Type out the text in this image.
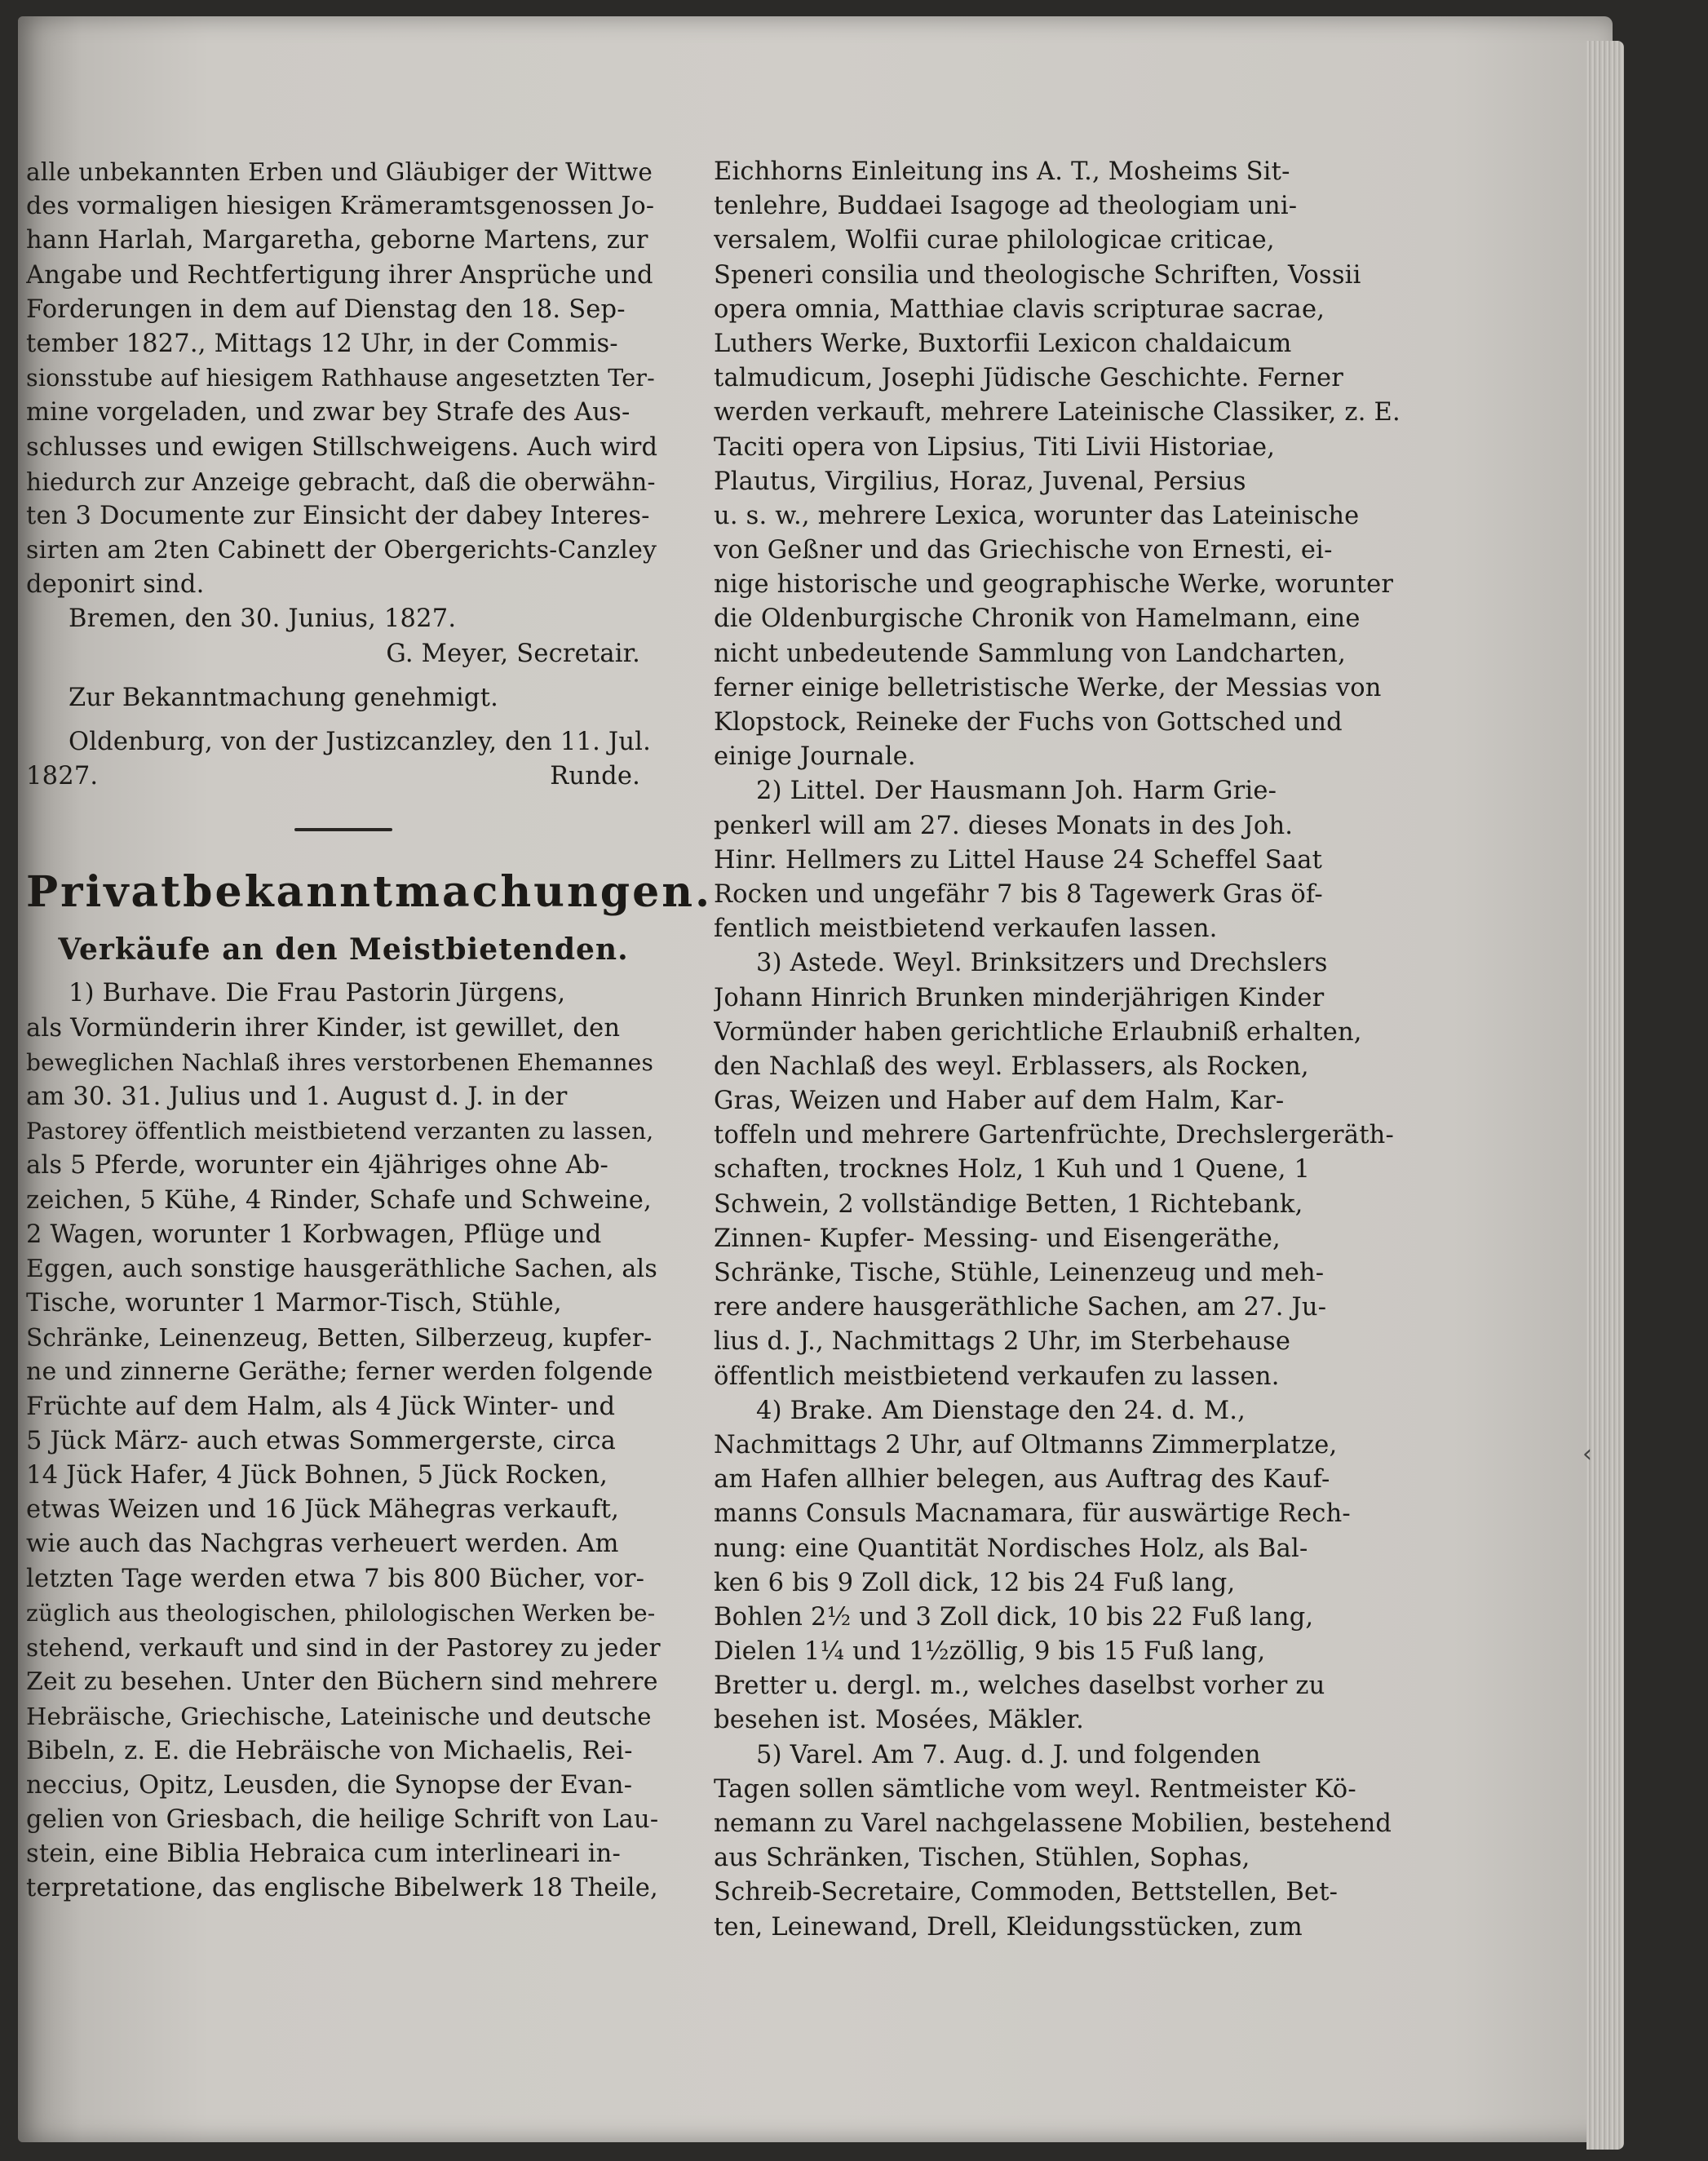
alle unbekannten Erben und Gläubiger der Wittwe
des vormaligen hiesigen Krämeramtsgenossen Jo-
hann Harlah, Margaretha, geborne Martens, zur
Angabe und Rechtfertigung ihrer Ansprüche und
Forderungen in dem auf Dienstag den 18. Sep-
tember 1827., Mittags 12 Uhr, in der Commis-
sionsstube auf hiesigem Rathhause angesetzten Ter-
mine vorgeladen, und zwar bey Strafe des Aus-
schlusses und ewigen Stillschweigens. Auch wird
hiedurch zur Anzeige gebracht, daß die oberwähn-
ten 3 Documente zur Einsicht der dabey Interes-
sirten am 2ten Cabinett der Obergerichts-Canzley
deponirt sind.
Bremen, den 30. Junius, 1827.
G. Meyer, Secretair.
Zur Bekanntmachung genehmigt.
Oldenburg, von der Justizcanzley, den 11. Jul.
1827.	Runde.
Privatbekanntmachungen.
Verkäufe an den Meistbietenden.
1) Burhave. Die Frau Pastorin Jürgens,
als Vormünderin ihrer Kinder, ist gewillet, den
beweglichen Nachlaß ihres verstorbenen Ehemannes
am 30. 31. Julius und 1. August d. J. in der
Pastorey öffentlich meistbietend verzanten zu lassen,
als 5 Pferde, worunter ein 4jähriges ohne Ab-
zeichen, 5 Kühe, 4 Rinder, Schafe und Schweine,
2 Wagen, worunter 1 Korbwagen, Pflüge und
Eggen, auch sonstige hausgeräthliche Sachen, als
Tische, worunter 1 Marmor-Tisch, Stühle,
Schränke, Leinenzeug, Betten, Silberzeug, kupfer-
ne und zinnerne Geräthe; ferner werden folgende
Früchte auf dem Halm, als 4 Jück Winter- und
5 Jück März- auch etwas Sommergerste, circa
14 Jück Hafer, 4 Jück Bohnen, 5 Jück Rocken,
etwas Weizen und 16 Jück Mähegras verkauft,
wie auch das Nachgras verheuert werden. Am
letzten Tage werden etwa 7 bis 800 Bücher, vor-
züglich aus theologischen, philologischen Werken be-
stehend, verkauft und sind in der Pastorey zu jeder
Zeit zu besehen. Unter den Büchern sind mehrere
Hebräische, Griechische, Lateinische und deutsche
Bibeln, z. E. die Hebräische von Michaelis, Rei-
neccius, Opitz, Leusden, die Synopse der Evan-
gelien von Griesbach, die heilige Schrift von Lau-
stein, eine Biblia Hebraica cum interlineari in-
terpretatione, das englische Bibelwerk 18 Theile,
Eichhorns Einleitung ins A. T., Mosheims Sit-
tenlehre, Buddaei Isagoge ad theologiam uni-
versalem, Wolfii curae philologicae criticae,
Speneri consilia und theologische Schriften, Vossii
opera omnia, Matthiae clavis scripturae sacrae,
Luthers Werke, Buxtorfii Lexicon chaldaicum
talmudicum, Josephi Jüdische Geschichte. Ferner
werden verkauft, mehrere Lateinische Classiker, z. E.
Taciti opera von Lipsius, Titi Livii Historiae,
Plautus, Virgilius, Horaz, Juvenal, Persius
u. s. w., mehrere Lexica, worunter das Lateinische
von Geßner und das Griechische von Ernesti, ei-
nige historische und geographische Werke, worunter
die Oldenburgische Chronik von Hamelmann, eine
nicht unbedeutende Sammlung von Landcharten,
ferner einige belletristische Werke, der Messias von
Klopstock, Reineke der Fuchs von Gottsched und
einige Journale.
2) Littel. Der Hausmann Joh. Harm Grie-
penkerl will am 27. dieses Monats in des Joh.
Hinr. Hellmers zu Littel Hause 24 Scheffel Saat
Rocken und ungefähr 7 bis 8 Tagewerk Gras öf-
fentlich meistbietend verkaufen lassen.
3) Astede. Weyl. Brinksitzers und Drechslers
Johann Hinrich Brunken minderjährigen Kinder
Vormünder haben gerichtliche Erlaubniß erhalten,
den Nachlaß des weyl. Erblassers, als Rocken,
Gras, Weizen und Haber auf dem Halm, Kar-
toffeln und mehrere Gartenfrüchte, Drechslergeräth-
schaften, trocknes Holz, 1 Kuh und 1 Quene, 1
Schwein, 2 vollständige Betten, 1 Richtebank,
Zinnen- Kupfer- Messing- und Eisengeräthe,
Schränke, Tische, Stühle, Leinenzeug und meh-
rere andere hausgeräthliche Sachen, am 27. Ju-
lius d. J., Nachmittags 2 Uhr, im Sterbehause
öffentlich meistbietend verkaufen zu lassen.
4) Brake. Am Dienstage den 24. d. M.,
Nachmittags 2 Uhr, auf Oltmanns Zimmerplatze,
am Hafen allhier belegen, aus Auftrag des Kauf-
manns Consuls Macnamara, für auswärtige Rech-
nung: eine Quantität Nordisches Holz, als Bal-
ken 6 bis 9 Zoll dick, 12 bis 24 Fuß lang,
Bohlen 2½ und 3 Zoll dick, 10 bis 22 Fuß lang,
Dielen 1¼ und 1½zöllig, 9 bis 15 Fuß lang,
Bretter u. dergl. m., welches daselbst vorher zu
besehen ist. Mosées, Mäkler.
5) Varel. Am 7. Aug. d. J. und folgenden
Tagen sollen sämtliche vom weyl. Rentmeister Kö-
nemann zu Varel nachgelassene Mobilien, bestehend
aus Schränken, Tischen, Stühlen, Sophas,
Schreib-Secretaire, Commoden, Bettstellen, Bet-
ten, Leinewand, Drell, Kleidungsstücken, zum
‹
